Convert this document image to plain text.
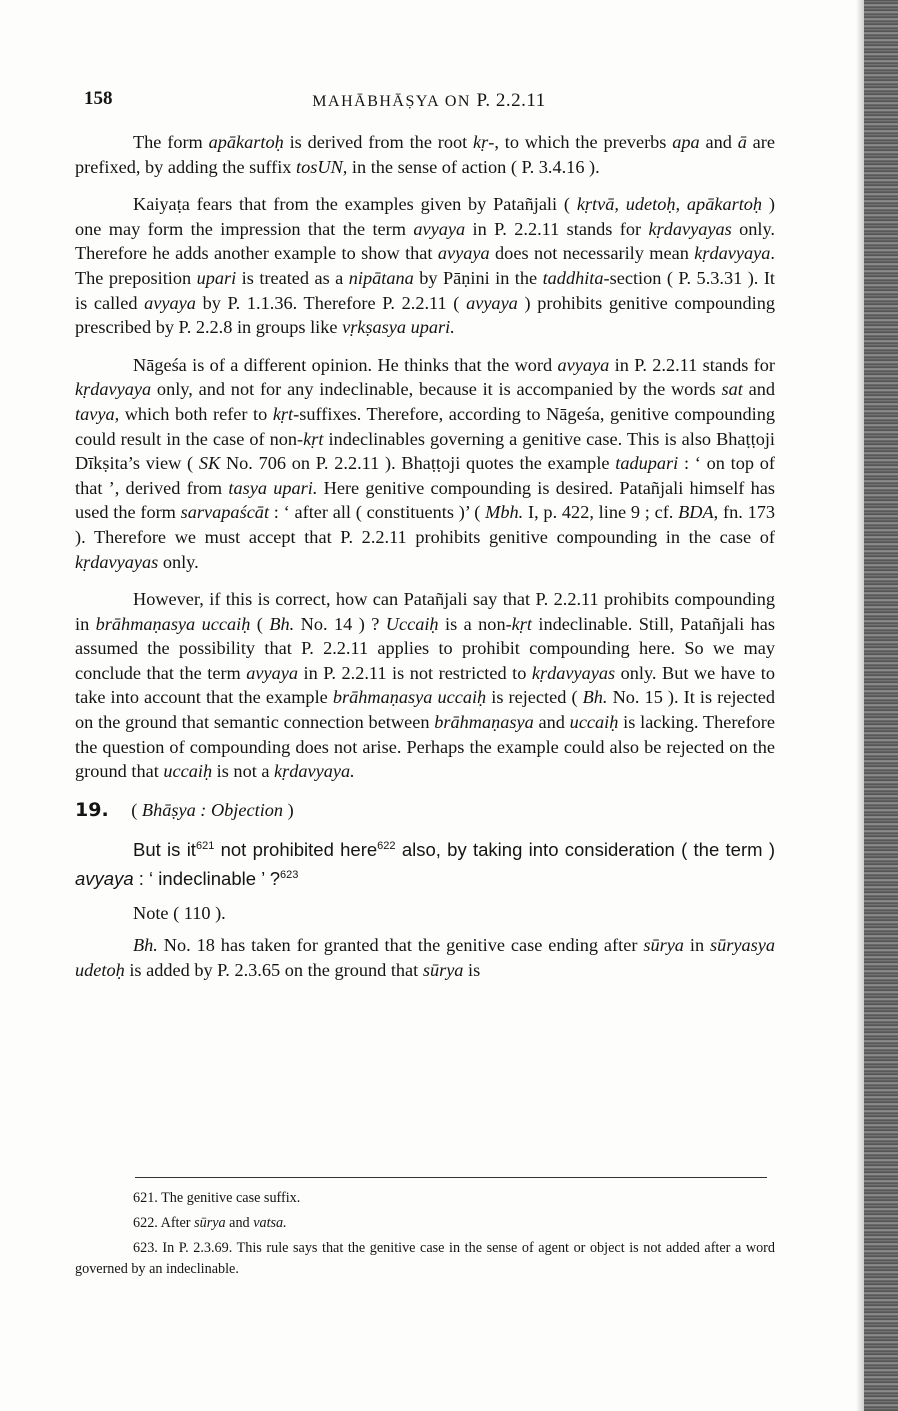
158	MAHĀBHĀṢYA ON P. 2.2.11

The form apākartoḥ is derived from the root kṛ-, to which the preverbs apa and ā are prefixed, by adding the suffix tosUN, in the sense of action ( P. 3.4.16 ).

Kaiyaṭa fears that from the examples given by Patañjali ( kṛtvā, udetoḥ, apākartoḥ ) one may form the impression that the term avyaya in P. 2.2.11 stands for kṛdavyayas only. Therefore he adds another example to show that avyaya does not necessarily mean kṛdavyaya. The preposition upari is treated as a nipātana by Pāṇini in the taddhita-section ( P. 5.3.31 ). It is called avyaya by P. 1.1.36. Therefore P. 2.2.11 ( avyaya ) prohibits genitive compounding prescribed by P. 2.2.8 in groups like vṛkṣasya upari.

Nāgeśa is of a different opinion. He thinks that the word avyaya in P. 2.2.11 stands for kṛdavyaya only, and not for any indeclinable, because it is accompanied by the words sat and tavya, which both refer to kṛt-suffixes. Therefore, according to Nāgeśa, genitive compounding could result in the case of non-kṛt indeclinables governing a genitive case. This is also Bhaṭṭoji Dīkṣita’s view ( SK No. 706 on P. 2.2.11 ). Bhaṭṭoji quotes the example tadupari : ‘ on top of that ’, derived from tasya upari. Here genitive compounding is desired. Patañjali himself has used the form sarvapaścāt : ‘ after all ( constituents )’ ( Mbh. I, p. 422, line 9 ; cf. BDA, fn. 173 ). Therefore we must accept that P. 2.2.11 prohibits genitive compounding in the case of kṛdavyayas only.

However, if this is correct, how can Patañjali say that P. 2.2.11 prohibits compounding in brāhmaṇasya uccaiḥ ( Bh. No. 14 ) ? Uccaiḥ is a non-kṛt indeclinable. Still, Patañjali has assumed the possibility that P. 2.2.11 applies to prohibit compounding here. So we may conclude that the term avyaya in P. 2.2.11 is not restricted to kṛdavyayas only. But we have to take into account that the example brāhmaṇasya uccaiḥ is rejected ( Bh. No. 15 ). It is rejected on the ground that semantic connection between brāhmaṇasya and uccaiḥ is lacking. Therefore the question of compounding does not arise. Perhaps the example could also be rejected on the ground that uccaiḥ is not a kṛdavyaya.

19. ( Bhāṣya : Objection )

But is $it^{621}$ not prohibited here$^{622}$ also, by taking into consideration ( the term ) avyaya : ‘ indeclinable ’ ?$^{623}$

Note ( 110 ).

Bh. No. 18 has taken for granted that the genitive case ending after sūrya in sūryasya udetoḥ is added by P. 2.3.65 on the ground that sūrya is

621. The genitive case suffix.
622. After sūrya and vatsa.
623. In P. 2.3.69. This rule says that the genitive case in the sense of agent or object is not added after a word governed by an indeclinable.
